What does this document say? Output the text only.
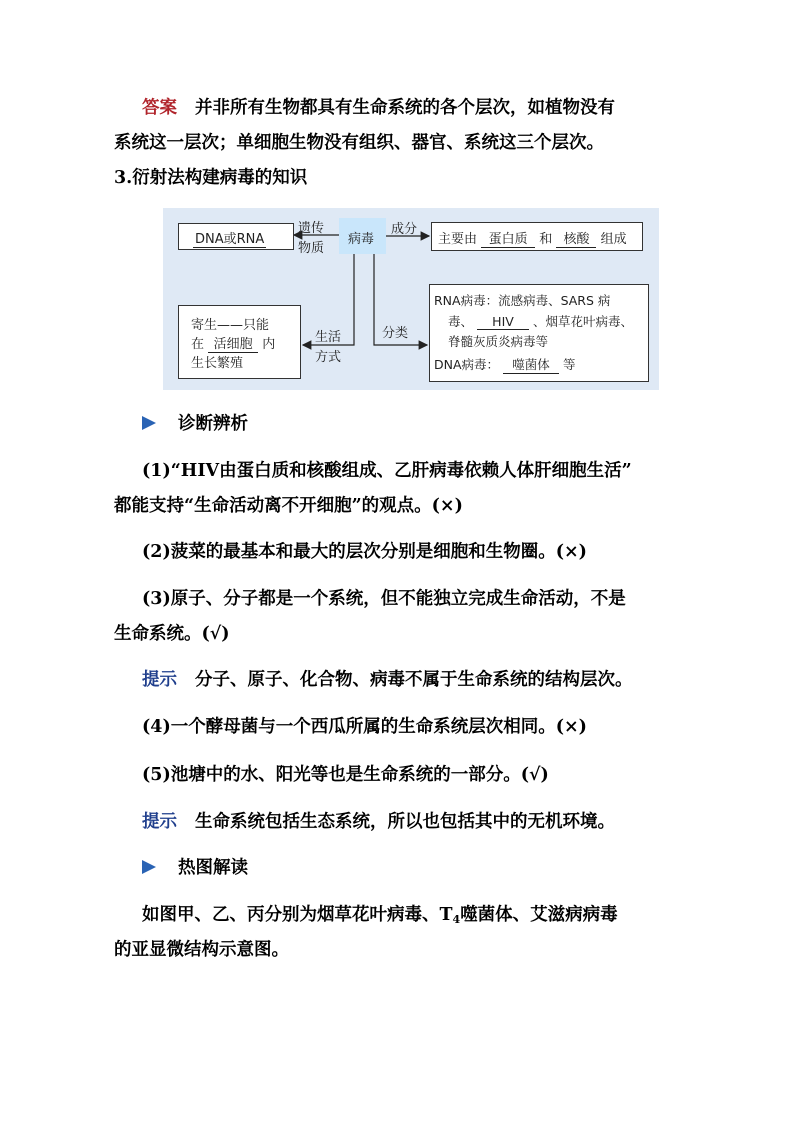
答案 并非所有生物都具有生命系统的各个层次，如植物没有
系统这一层次；单细胞生物没有组织、器官、系统这三个层次。
3.衍射法构建病毒的知识
DNA或RNA
遗传
物质
病毒
成分
主要由 蛋白质 和 核酸 组成
寄生——只能
在 活细胞 内
生长繁殖
生活
方式
分类
RNA病毒：流感病毒、SARS 病
毒、 HIV 、烟草花叶病毒、
脊髓灰质炎病毒等
DNA病毒： 噬菌体 等
诊断辨析
(1)“HIV由蛋白质和核酸组成、乙肝病毒依赖人体肝细胞生活”
都能支持“生命活动离不开细胞”的观点。(×)
(2)菠菜的最基本和最大的层次分别是细胞和生物圈。(×)
(3)原子、分子都是一个系统，但不能独立完成生命活动，不是
生命系统。(√)
提示 分子、原子、化合物、病毒不属于生命系统的结构层次。
(4)一个酵母菌与一个西瓜所属的生命系统层次相同。(×)
(5)池塘中的水、阳光等也是生命系统的一部分。(√)
提示 生命系统包括生态系统，所以也包括其中的无机环境。
热图解读
如图甲、乙、丙分别为烟草花叶病毒、$T_4$噬菌体、艾滋病病毒
的亚显微结构示意图。
